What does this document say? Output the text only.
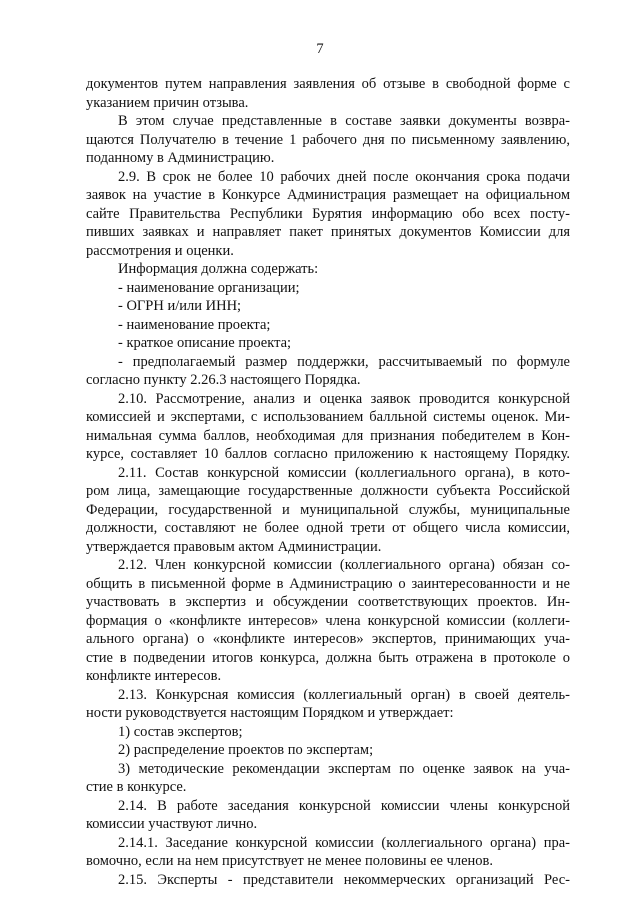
7
документов путем направления заявления об отзыве в свободной форме с
указанием причин отзыва.
В этом случае представленные в составе заявки документы возвра-
щаются Получателю в течение 1 рабочего дня по письменному заявлению,
поданному в Администрацию.
2.9. В срок не более 10 рабочих дней после окончания срока подачи
заявок на участие в Конкурсе Администрация размещает на официальном
сайте Правительства Республики Бурятия информацию обо всех посту-
пивших заявках и направляет пакет принятых документов Комиссии для
рассмотрения и оценки.
Информация должна содержать:
- наименование организации;
- ОГРН и/или ИНН;
- наименование проекта;
- краткое описание проекта;
- предполагаемый размер поддержки, рассчитываемый по формуле
согласно пункту 2.26.3 настоящего Порядка.
2.10. Рассмотрение, анализ и оценка заявок проводится конкурсной
комиссией и экспертами, с использованием балльной системы оценок. Ми-
нимальная сумма баллов, необходимая для признания победителем в Кон-
курсе, составляет 10 баллов согласно приложению к настоящему Порядку.
2.11. Состав конкурсной комиссии (коллегиального органа), в кото-
ром лица, замещающие государственные должности субъекта Российской
Федерации, государственной и муниципальной службы, муниципальные
должности, составляют не более одной трети от общего числа комиссии,
утверждается правовым актом Администрации.
2.12. Член конкурсной комиссии (коллегиального органа) обязан со-
общить в письменной форме в Администрацию о заинтересованности и не
участвовать в экспертиз и обсуждении соответствующих проектов. Ин-
формация о «конфликте интересов» члена конкурсной комиссии (коллеги-
ального органа) о «конфликте интересов» экспертов, принимающих уча-
стие в подведении итогов конкурса, должна быть отражена в протоколе о
конфликте интересов.
2.13. Конкурсная комиссия (коллегиальный орган) в своей деятель-
ности руководствуется настоящим Порядком и утверждает:
1) состав экспертов;
2) распределение проектов по экспертам;
3) методические рекомендации экспертам по оценке заявок на уча-
стие в конкурсе.
2.14. В работе заседания конкурсной комиссии члены конкурсной
комиссии участвуют лично.
2.14.1. Заседание конкурсной комиссии (коллегиального органа) пра-
вомочно, если на нем присутствует не менее половины ее членов.
2.15. Эксперты - представители некоммерческих организаций Рес-
